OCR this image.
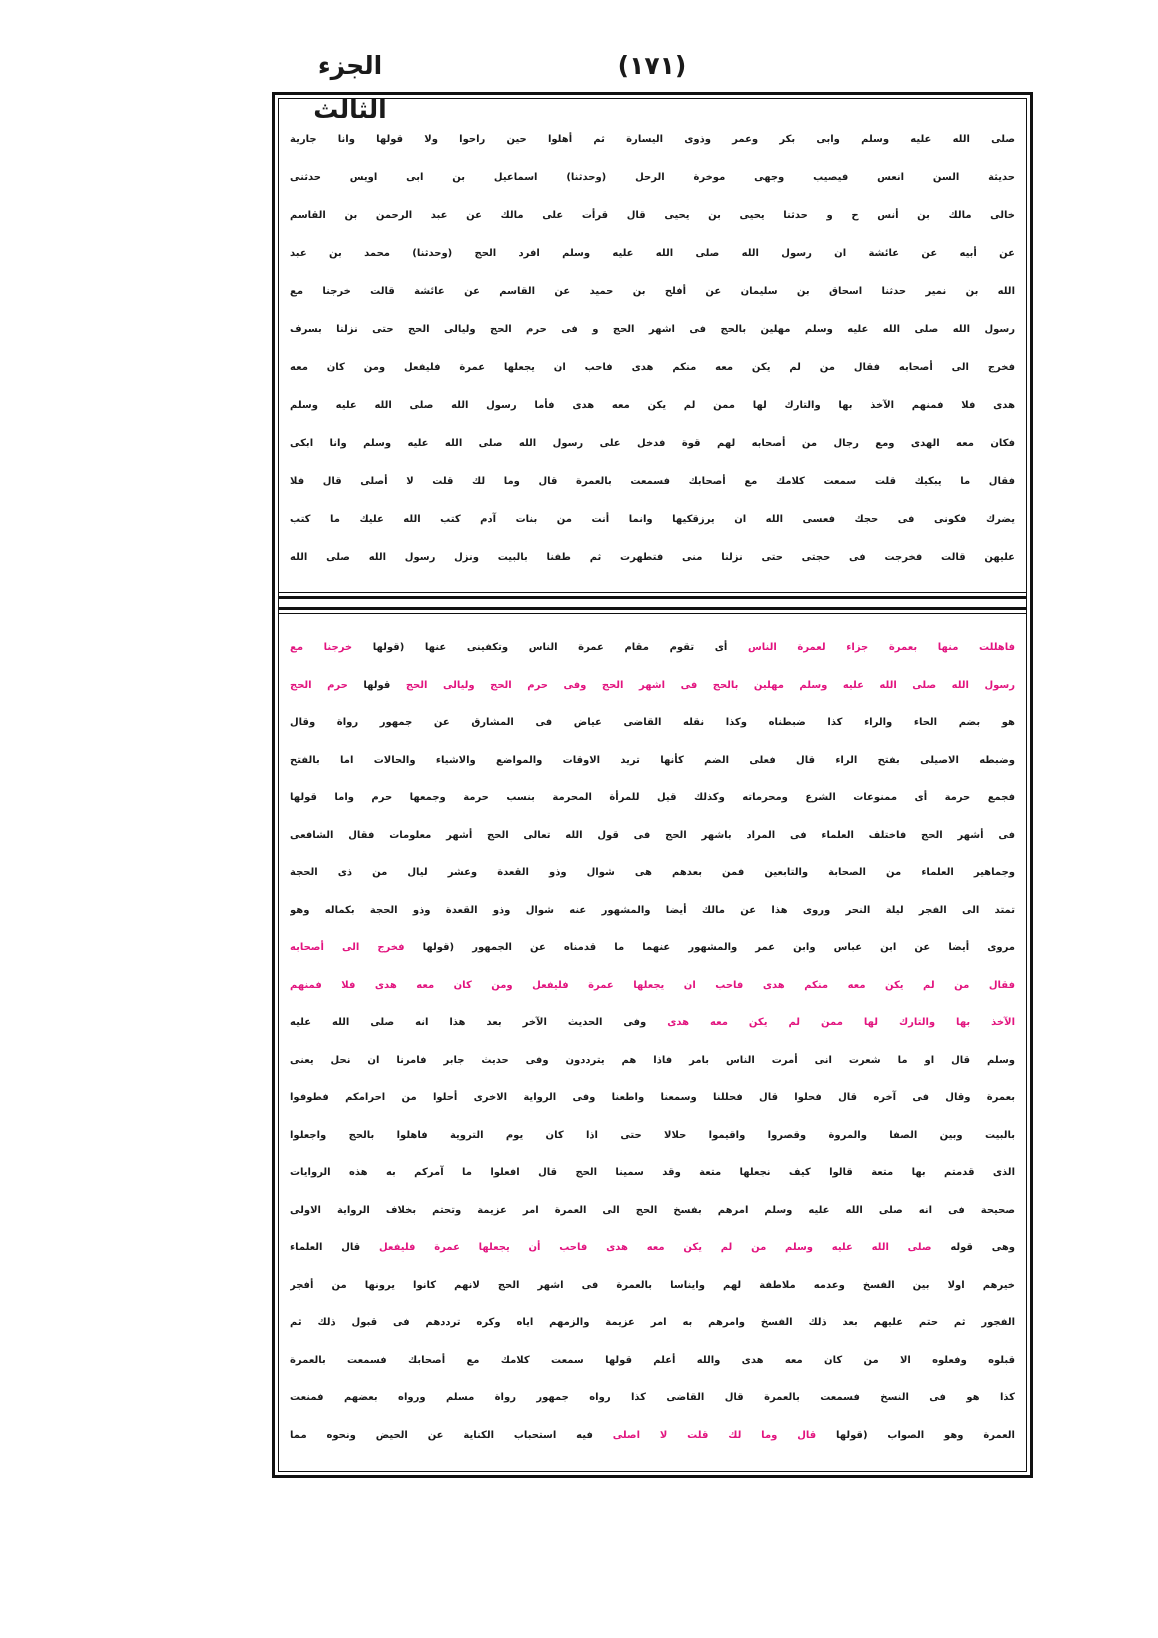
الجزء الثالث
(١٧١)
صلى الله عليه وسلم وابى بكر وعمر وذوى اليسارة ثم أهلوا حين راحوا ولا قولها وانا جارية
حديثة السن انعس فيصيب وجهى موخرة الرحل (وحدثنا) اسماعيل بن ابى اويس حدثنى
خالى مالك بن أنس ح و حدثنا يحيى بن يحيى قال قرأت على مالك عن عبد الرحمن بن القاسم
عن أبيه عن عائشة ان رسول الله صلى الله عليه وسلم افرد الحج (وحدثنا) محمد بن عبد
الله بن نمير حدثنا اسحاق بن سليمان عن أفلح بن حميد عن القاسم عن عائشة قالت خرجنا مع
رسول الله صلى الله عليه وسلم مهلين بالحج فى اشهر الحج و فى حرم الحج وليالى الحج حتى نزلنا بسرف
فخرج الى أصحابه فقال من لم يكن معه منكم هدى فاحب ان يجعلها عمرة فليفعل ومن كان معه
هدى فلا فمنهم الآخذ بها والتارك لها ممن لم يكن معه هدى فأما رسول الله صلى الله عليه وسلم
فكان معه الهدى ومع رجال من أصحابه لهم قوة فدخل على رسول الله صلى الله عليه وسلم وانا ابكى
فقال ما يبكيك قلت سمعت كلامك مع أصحابك فسمعت بالعمرة قال وما لك قلت لا أصلى قال فلا
يضرك فكونى فى حجك فعسى الله ان يرزقكيها وانما أنت من بنات آدم كتب الله عليك ما كتب
عليهن قالت فخرجت فى حجتى حتى نزلنا منى فتطهرت ثم طفنا بالبيت ونزل رسول الله صلى الله
فاهللت منها بعمرة جزاء لعمرة الناس أى تقوم مقام عمرة الناس وتكفينى عنها (قولها خرجنا مع
رسول الله صلى الله عليه وسلم مهلين بالحج فى اشهر الحج وفى حرم الحج وليالى الحج قولها حرم الحج
هو بضم الحاء والراء كذا ضبطناه وكذا نقله القاضى عياض فى المشارق عن جمهور رواة وقال
وضبطه الاصيلى بفتح الراء قال فعلى الضم كأنها تريد الاوقات والمواضع والاشياء والحالات اما بالفتح
فجمع حرمة أى ممنوعات الشرع ومحرماته وكذلك قيل للمرأة المحرمة بنسب حرمة وجمعها حرم واما قولها
فى أشهر الحج فاختلف العلماء فى المراد باشهر الحج فى قول الله تعالى الحج أشهر معلومات فقال الشافعى
وجماهير العلماء من الصحابة والتابعين فمن بعدهم هى شوال وذو القعدة وعشر ليال من ذى الحجة
تمتد الى الفجر ليلة النحر وروى هذا عن مالك أيضا والمشهور عنه شوال وذو القعدة وذو الحجة بكماله وهو
مروى أيضا عن ابن عباس وابن عمر والمشهور عنهما ما قدمناه عن الجمهور (قولها فخرج الى أصحابه
فقال من لم يكن معه منكم هدى فاحب ان يجعلها عمرة فليفعل ومن كان معه هدى فلا فمنهم
الآخذ بها والتارك لها ممن لم يكن معه هدى وفى الحديث الآخر بعد هذا انه صلى الله عليه
وسلم قال او ما شعرت انى أمرت الناس بامر فاذا هم يترددون وفى حديث جابر فامرنا ان نحل يعنى
بعمرة وقال فى آخره قال فحلوا قال فحللنا وسمعنا واطعنا وفى الرواية الاخرى أحلوا من احرامكم فطوفوا
بالبيت وبين الصفا والمروة وقصروا واقيموا حلالا حتى اذا كان يوم التروية فاهلوا بالحج واجعلوا
الذى قدمتم بها متعة قالوا كيف نجعلها متعة وقد سمينا الحج قال افعلوا ما آمركم به هذه الروايات
صحيحة فى انه صلى الله عليه وسلم امرهم بفسخ الحج الى العمرة امر عزيمة وتحتم بخلاف الرواية الاولى
وهى قوله صلى الله عليه وسلم من لم يكن معه هدى فاحب أن يجعلها عمرة فليفعل قال العلماء
خيرهم اولا بين الفسخ وعدمه ملاطفة لهم وايناسا بالعمرة فى اشهر الحج لانهم كانوا يرونها من أفجر
الفجور ثم حتم عليهم بعد ذلك الفسخ وامرهم به امر عزيمة والزمهم اياه وكره ترددهم فى قبول ذلك ثم
قبلوه وفعلوه الا من كان معه هدى والله أعلم قولها سمعت كلامك مع أصحابك فسمعت بالعمرة
كذا هو فى النسخ فسمعت بالعمرة قال القاضى كذا رواه جمهور رواة مسلم ورواه بعضهم فمنعت
العمرة وهو الصواب (قولها قال وما لك قلت لا اصلى فيه استحباب الكناية عن الحيض ونحوه مما
